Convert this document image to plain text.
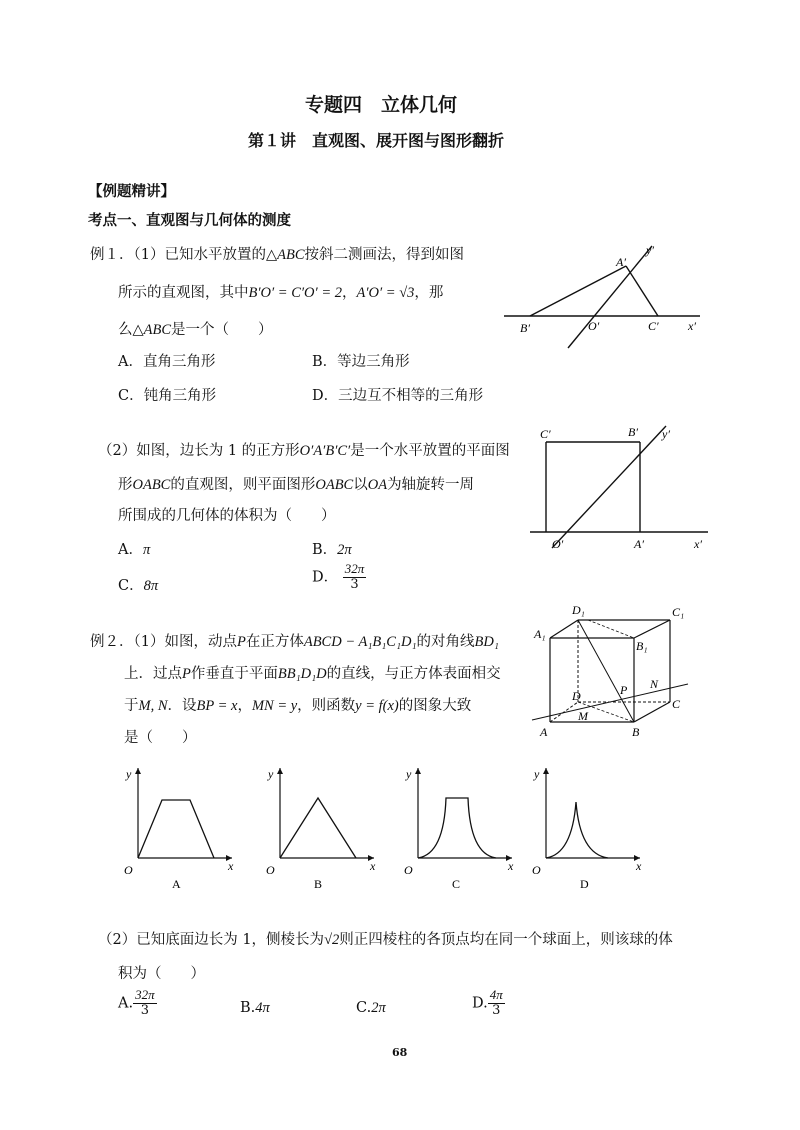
专题四　立体几何
第１讲　直观图、展开图与图形翻折
【例题精讲】
考点一、直观图与几何体的测度
例１．（1）已知水平放置的△ABC按斜二测画法，得到如图
所示的直观图，其中B′O′ = C′O′ = 2，A′O′ = √3，那
么△ABC是一个（　　）
A．直角三角形	B．等边三角形
C．钝角三角形	D．三边互不相等的三角形
A′
y′
B′	O′	C′ x′
（2）如图，边长为 1 的正方形O′A′B′C′是一个水平放置的平面图
形OABC的直观图，则平面图形OABC以OA为轴旋转一周
所围成的几何体的体积为（　　）
A．π	B．2π
C．8π
D． $\frac{32\pi}{3}$
C′	B′ y′
O′	A′	x′
例２．（1）如图，动点P在正方体ABCD − A₁B₁C₁D₁的对角线BD₁
上．过点P作垂直于平面BB₁D₁D的直线，与正方体表面相交
于M, N．设BP = x，MN = y，则函数y = f(x)的图象大致
是（　　）
D₁	C₁
A₁
B₁
D	P N
C
M
A	B
y
O	x
A
y
O	x
B
y
O	x
C
y
O	x
D
（2）已知底面边长为 1，侧棱长为√2则正四棱柱的各顶点均在同一个球面上，则该球的体
积为（　　）
A. $\frac{32\pi}{3}$	B.4π	C.2π	D. $\frac{4\pi}{3}$
68
